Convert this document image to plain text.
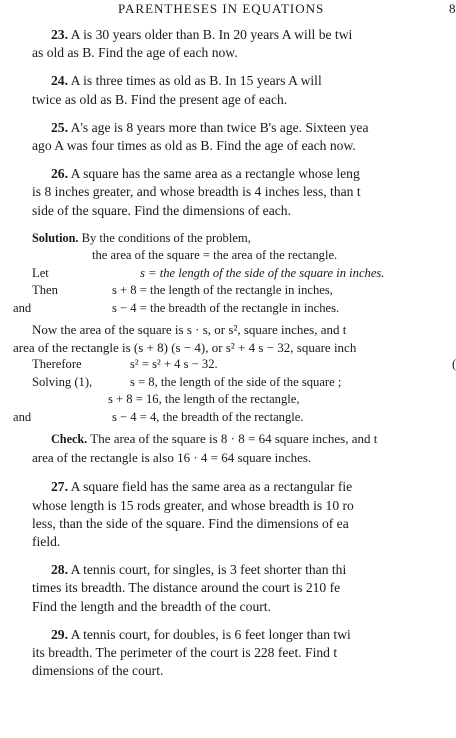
PARENTHESES IN EQUATIONS	8
23. A is 30 years older than B. In 20 years A will be twi
as old as B. Find the age of each now.
24. A is three times as old as B. In 15 years A will
twice as old as B. Find the present age of each.
25. A's age is 8 years more than twice B's age. Sixteen yea
ago A was four times as old as B. Find the age of each now.
26. A square has the same area as a rectangle whose leng
is 8 inches greater, and whose breadth is 4 inches less, than t
side of the square. Find the dimensions of each.
Solution. By the conditions of the problem,
the area of the square = the area of the rectangle.
Let	s = the length of the side of the square in inches.
Then	s + 8 = the length of the rectangle in inches,
and	s − 4 = the breadth of the rectangle in inches.
Now the area of the square is s · s, or s², square inches, and t
area of the rectangle is (s + 8) (s − 4), or s² + 4 s − 32, square inch
Therefore	s² = s² + 4 s − 32.	(
Solving (1),	s = 8, the length of the side of the square ;
s + 8 = 16, the length of the rectangle,
and	s − 4 = 4, the breadth of the rectangle.
Check. The area of the square is 8 · 8 = 64 square inches, and t
area of the rectangle is also 16 · 4 = 64 square inches.
27. A square field has the same area as a rectangular fie
whose length is 15 rods greater, and whose breadth is 10 ro
less, than the side of the square. Find the dimensions of ea
field.
28. A tennis court, for singles, is 3 feet shorter than thi
times its breadth. The distance around the court is 210 fe
Find the length and the breadth of the court.
29. A tennis court, for doubles, is 6 feet longer than twi
its breadth. The perimeter of the court is 228 feet. Find t
dimensions of the court.
